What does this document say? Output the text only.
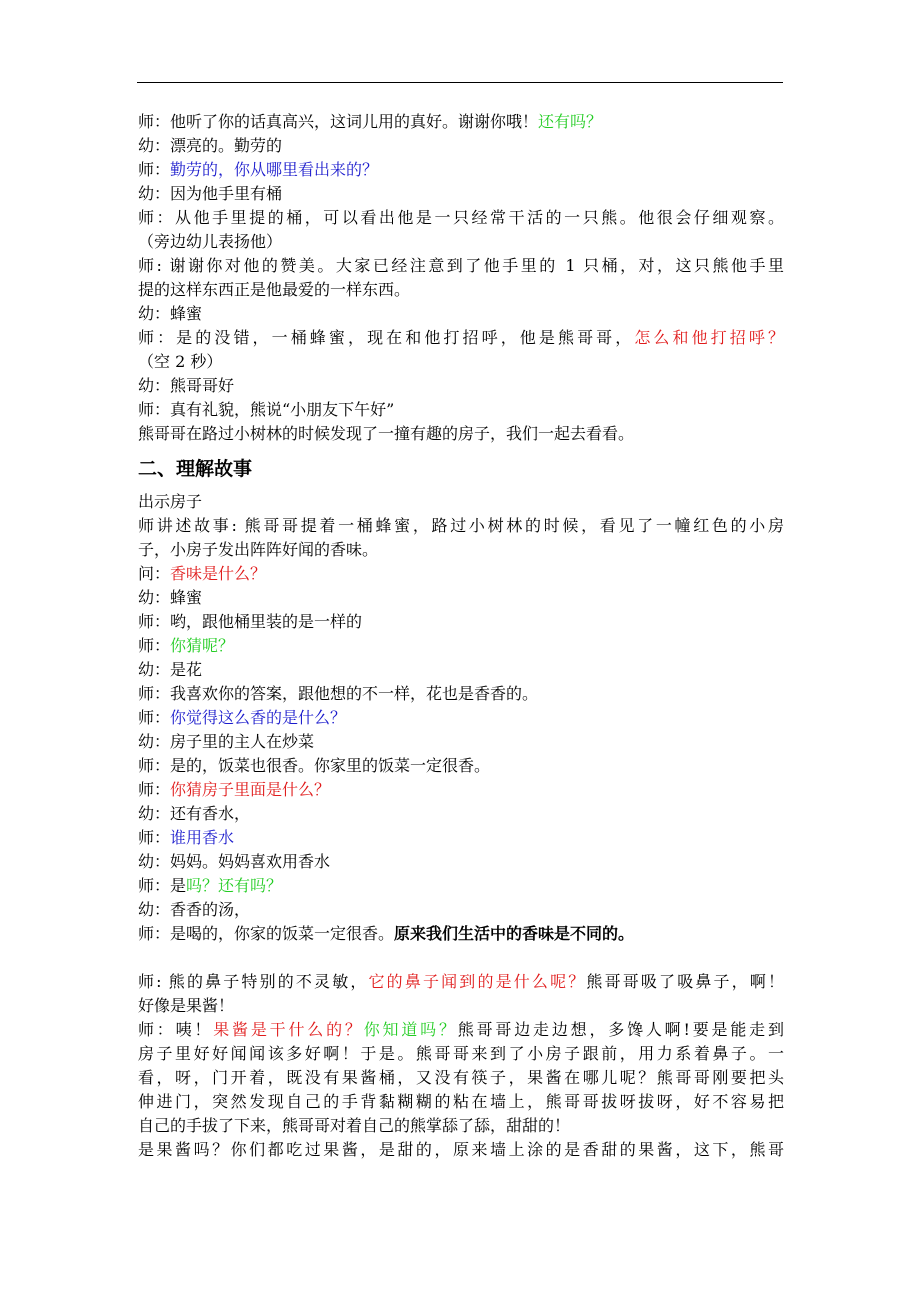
师：他听了你的话真高兴，这词儿用的真好。谢谢你哦！还有吗？
幼：漂亮的。勤劳的
师：勤劳的，你从哪里看出来的？
幼：因为他手里有桶
师：从他手里提的桶，可以看出他是一只经常干活的一只熊。他很会仔细观察。
（旁边幼儿表扬他）
师: 谢谢你对他的赞美。大家已经注意到了他手里的 1 只桶，对，这只熊他手里
提的这样东西正是他最爱的一样东西。
幼：蜂蜜
师：是的没错，一桶蜂蜜，现在和他打招呼，他是熊哥哥，怎么和他打招呼？
（空 2 秒）
幼：熊哥哥好
师：真有礼貌，熊说“小朋友下午好”
熊哥哥在路过小树林的时候发现了一撞有趣的房子，我们一起去看看。
二、理解故事
出示房子
师讲述故事: 熊哥哥提着一桶蜂蜜，路过小树林的时候，看见了一幢红色的小房
子，小房子发出阵阵好闻的香味。
问：香味是什么？
幼：蜂蜜
师：哟，跟他桶里装的是一样的
师：你猜呢？
幼：是花
师：我喜欢你的答案，跟他想的不一样，花也是香香的。
师：你觉得这么香的是什么？
幼：房子里的主人在炒菜
师：是的，饭菜也很香。你家里的饭菜一定很香。
师：你猜房子里面是什么？
幼：还有香水，
师：谁用香水
幼：妈妈。妈妈喜欢用香水
师：是吗？还有吗？
幼：香香的汤，
师：是喝的，你家的饭菜一定很香。原来我们生活中的香味是不同的。
师: 熊的鼻子特别的不灵敏，它的鼻子闻到的是什么呢？熊哥哥吸了吸鼻子，啊！
好像是果酱！
师：咦！果酱是干什么的？你知道吗？熊哥哥边走边想，多馋人啊!要是能走到
房子里好好闻闻该多好啊！于是。熊哥哥来到了小房子跟前，用力系着鼻子。一
看，呀，门开着，既没有果酱桶，又没有筷子，果酱在哪儿呢？熊哥哥刚要把头
伸进门，突然发现自己的手背黏糊糊的粘在墙上，熊哥哥拔呀拔呀，好不容易把
自己的手拔了下来，熊哥哥对着自己的熊掌舔了舔，甜甜的！
是果酱吗？你们都吃过果酱，是甜的，原来墙上涂的是香甜的果酱，这下，熊哥
